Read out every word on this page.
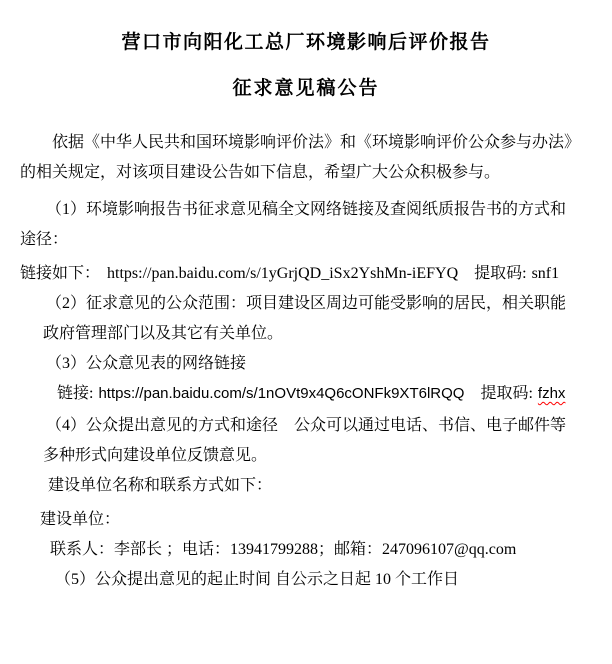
营口市向阳化工总厂环境影响后评价报告
征求意见稿公告
依据《中华人民共和国环境影响评价法》和《环境影响评价公众参与办法》
的相关规定，对该项目建设公告如下信息，希望广大公众积极参与。
（1）环境影响报告书征求意见稿全文网络链接及查阅纸质报告书的方式和
途径：
链接如下： https://pan.baidu.com/s/1yGrjQD_iSx2YshMn-iEFYQ 提取码: snf1
（2）征求意见的公众范围：项目建设区周边可能受影响的居民，相关职能
政府管理部门以及其它有关单位。
（3）公众意见表的网络链接
链接: https://pan.baidu.com/s/1nOVt9x4Q6cONFk9XT6lRQQ 提取码: fzhx
（4）公众提出意见的方式和途径　公众可以通过电话、书信、电子邮件等
多种形式向建设单位反馈意见。
建设单位名称和联系方式如下：
建设单位：
联系人：李部长 ；电话：13941799288；邮箱：247096107@qq.com
（5）公众提出意见的起止时间 自公示之日起 10 个工作日
